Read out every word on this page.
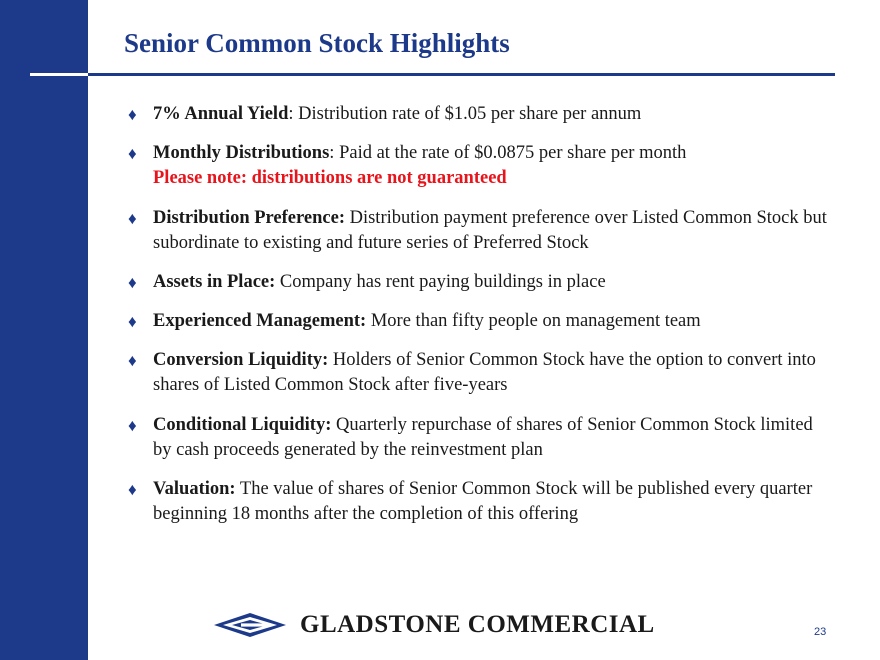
Senior Common Stock Highlights
♦ 7% Annual Yield: Distribution rate of $1.05 per share per annum
♦ Monthly Distributions: Paid at the rate of $0.0875 per share per month
Please note: distributions are not guaranteed
♦ Distribution Preference: Distribution payment preference over Listed Common Stock but subordinate to existing and future series of Preferred Stock
♦ Assets in Place: Company has rent paying buildings in place
♦ Experienced Management: More than fifty people on management team
♦ Conversion Liquidity: Holders of Senior Common Stock have the option to convert into shares of Listed Common Stock after five-years
♦ Conditional Liquidity: Quarterly repurchase of shares of Senior Common Stock limited by cash proceeds generated by the reinvestment plan
♦ Valuation: The value of shares of Senior Common Stock will be published every quarter beginning 18 months after the completion of this offering
GLADSTONE COMMERCIAL	23
